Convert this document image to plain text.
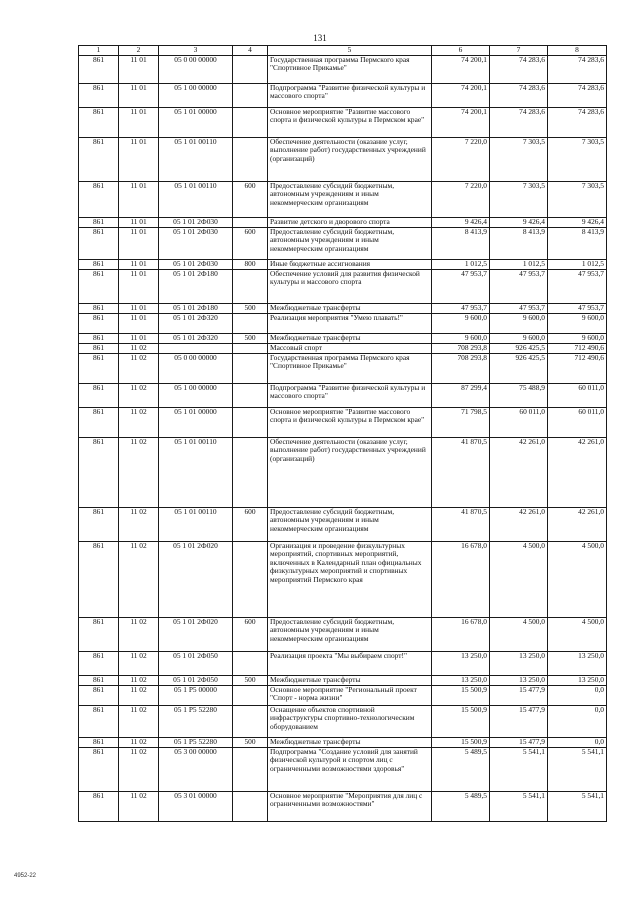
131
1	2	3	4	5	6	7	8
861	11 01	05 0 00 00000		Государственная программа Пермского края "Спортивное Прикамье"	74 200,1	74 283,6	74 283,6
861	11 01	05 1 00 00000		Подпрограмма "Развитие физической культуры и массового спорта"	74 200,1	74 283,6	74 283,6
861	11 01	05 1 01 00000		Основное мероприятие "Развитие массового спорта и физической культуры в Пермском крае"	74 200,1	74 283,6	74 283,6
861	11 01	05 1 01 00110		Обеспечение деятельности (оказание услуг, выполнение работ) государственных учреждений (организаций)	7 220,0	7 303,5	7 303,5
861	11 01	05 1 01 00110	600	Предоставление субсидий бюджетным, автономным учреждениям и иным некоммерческим организациям	7 220,0	7 303,5	7 303,5
861	11 01	05 1 01 2Ф030		Развитие детского и дворового спорта	9 426,4	9 426,4	9 426,4
861	11 01	05 1 01 2Ф030	600	Предоставление субсидий бюджетным, автономным учреждениям и иным некоммерческим организациям	8 413,9	8 413,9	8 413,9
861	11 01	05 1 01 2Ф030	800	Иные бюджетные ассигнования	1 012,5	1 012,5	1 012,5
861	11 01	05 1 01 2Ф180		Обеспечение условий для развития физической культуры и массового спорта	47 953,7	47 953,7	47 953,7
861	11 01	05 1 01 2Ф180	500	Межбюджетные трансферты	47 953,7	47 953,7	47 953,7
861	11 01	05 1 01 2Ф320		Реализация мероприятия "Умею плавать!"	9 600,0	9 600,0	9 600,0
861	11 01	05 1 01 2Ф320	500	Межбюджетные трансферты	9 600,0	9 600,0	9 600,0
861	11 02			Массовый спорт	708 293,8	926 425,5	712 490,6
861	11 02	05 0 00 00000		Государственная программа Пермского края "Спортивное Прикамье"	708 293,8	926 425,5	712 490,6
861	11 02	05 1 00 00000		Подпрограмма "Развитие физической культуры и массового спорта"	87 299,4	75 488,9	60 011,0
861	11 02	05 1 01 00000		Основное мероприятие "Развитие массового спорта и физической культуры в Пермском крае"	71 798,5	60 011,0	60 011,0
861	11 02	05 1 01 00110		Обеспечение деятельности (оказание услуг, выполнение работ) государственных учреждений (организаций)	41 870,5	42 261,0	42 261,0
861	11 02	05 1 01 00110	600	Предоставление субсидий бюджетным, автономным учреждениям и иным некоммерческим организациям	41 870,5	42 261,0	42 261,0
861	11 02	05 1 01 2Ф020		Организация и проведение физкультурных мероприятий, спортивных мероприятий, включенных в Календарный план официальных физкультурных мероприятий и спортивных мероприятий Пермского края	16 678,0	4 500,0	4 500,0
861	11 02	05 1 01 2Ф020	600	Предоставление субсидий бюджетным, автономным учреждениям и иным некоммерческим организациям	16 678,0	4 500,0	4 500,0
861	11 02	05 1 01 2Ф050		Реализация проекта "Мы выбираем спорт!"	13 250,0	13 250,0	13 250,0
861	11 02	05 1 01 2Ф050	500	Межбюджетные трансферты	13 250,0	13 250,0	13 250,0
861	11 02	05 1 P5 00000		Основное мероприятие "Региональный проект "Спорт - норма жизни"	15 500,9	15 477,9	0,0
861	11 02	05 1 P5 52280		Оснащение объектов спортивной инфраструктуры спортивно-технологическим оборудованием	15 500,9	15 477,9	0,0
861	11 02	05 1 P5 52280	500	Межбюджетные трансферты	15 500,9	15 477,9	0,0
861	11 02	05 3 00 00000		Подпрограмма "Создание условий для занятий физической культурой и спортом лиц с ограниченными возможностями здоровья"	5 489,5	5 541,1	5 541,1
861	11 02	05 3 01 00000		Основное мероприятие "Мероприятия для лиц с ограниченными возможностями"	5 489,5	5 541,1	5 541,1
4952-22
